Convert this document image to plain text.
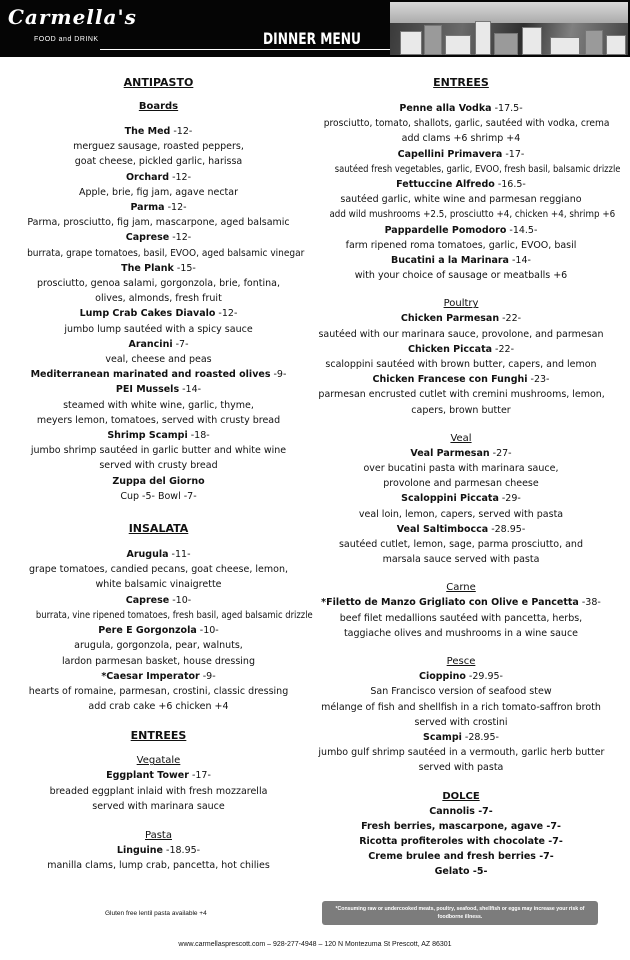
Carmella's
FOOD and DRINK	DINNER MENU
ANTIPASTO
Boards
The Med -12-
merguez sausage, roasted peppers,
goat cheese, pickled garlic, harissa
Orchard -12-
Apple, brie, fig jam, agave nectar
Parma -12-
Parma, prosciutto, fig jam, mascarpone, aged balsamic
Caprese -12-
burrata, grape tomatoes, basil, EVOO, aged balsamic vinegar
The Plank -15-
prosciutto, genoa salami, gorgonzola, brie, fontina,
olives, almonds, fresh fruit
Lump Crab Cakes Diavalo -12-
jumbo lump sautéed with a spicy sauce
Arancini -7-
veal, cheese and peas
Mediterranean marinated and roasted olives -9-
PEI Mussels -14-
steamed with white wine, garlic, thyme,
meyers lemon, tomatoes, served with crusty bread
Shrimp Scampi -18-
jumbo shrimp sautéed in garlic butter and white wine
served with crusty bread
Zuppa del Giorno
Cup -5- Bowl -7-
INSALATA
Arugula -11-
grape tomatoes, candied pecans, goat cheese, lemon,
white balsamic vinaigrette
Caprese -10-
burrata, vine ripened tomatoes, fresh basil, aged balsamic drizzle
Pere E Gorgonzola -10-
arugula, gorgonzola, pear, walnuts,
lardon parmesan basket, house dressing
*Caesar Imperator -9-
hearts of romaine, parmesan, crostini, classic dressing
add crab cake +6 chicken +4
ENTREES
Vegatale
Eggplant Tower -17-
breaded eggplant inlaid with fresh mozzarella
served with marinara sauce
Pasta
Linguine -18.95-
manilla clams, lump crab, pancetta, hot chilies
ENTREES
Penne alla Vodka -17.5-
prosciutto, tomato, shallots, garlic, sautéed with vodka, crema
add clams +6 shrimp +4
Capellini Primavera -17-
sautéed fresh vegetables, garlic, EVOO, fresh basil, balsamic drizzle
Fettuccine Alfredo -16.5-
sautéed garlic, white wine and parmesan reggiano
add wild mushrooms +2.5, prosciutto +4, chicken +4, shrimp +6
Pappardelle Pomodoro -14.5-
farm ripened roma tomatoes, garlic, EVOO, basil
Bucatini a la Marinara -14-
with your choice of sausage or meatballs +6
Poultry
Chicken Parmesan -22-
sautéed with our marinara sauce, provolone, and parmesan
Chicken Piccata -22-
scaloppini sautéed with brown butter, capers, and lemon
Chicken Francese con Funghi -23-
parmesan encrusted cutlet with cremini mushrooms, lemon,
capers, brown butter
Veal
Veal Parmesan -27-
over bucatini pasta with marinara sauce,
provolone and parmesan cheese
Scaloppini Piccata -29-
veal loin, lemon, capers, served with pasta
Veal Saltimbocca -28.95-
sautéed cutlet, lemon, sage, parma prosciutto, and
marsala sauce served with pasta
Carne
*Filetto de Manzo Grigliato con Olive e Pancetta -38-
beef filet medallions sautéed with pancetta, herbs,
taggiache olives and mushrooms in a wine sauce
Pesce
Cioppino -29.95-
San Francisco version of seafood stew
mélange of fish and shellfish in a rich tomato-saffron broth
served with crostini
Scampi -28.95-
jumbo gulf shrimp sautéed in a vermouth, garlic herb butter
served with pasta
DOLCE
Cannolis -7-
Fresh berries, mascarpone, agave -7-
Ricotta profiteroles with chocolate -7-
Creme brulee and fresh berries -7-
Gelato -5-
Gluten free lentil pasta available +4
*Consuming raw or undercooked meats, poultry, seafood, shellfish or eggs may increase your risk of foodborne illness.
www.carmellasprescott.com – 928-277-4948 – 120 N Montezuma St Prescott, AZ 86301
